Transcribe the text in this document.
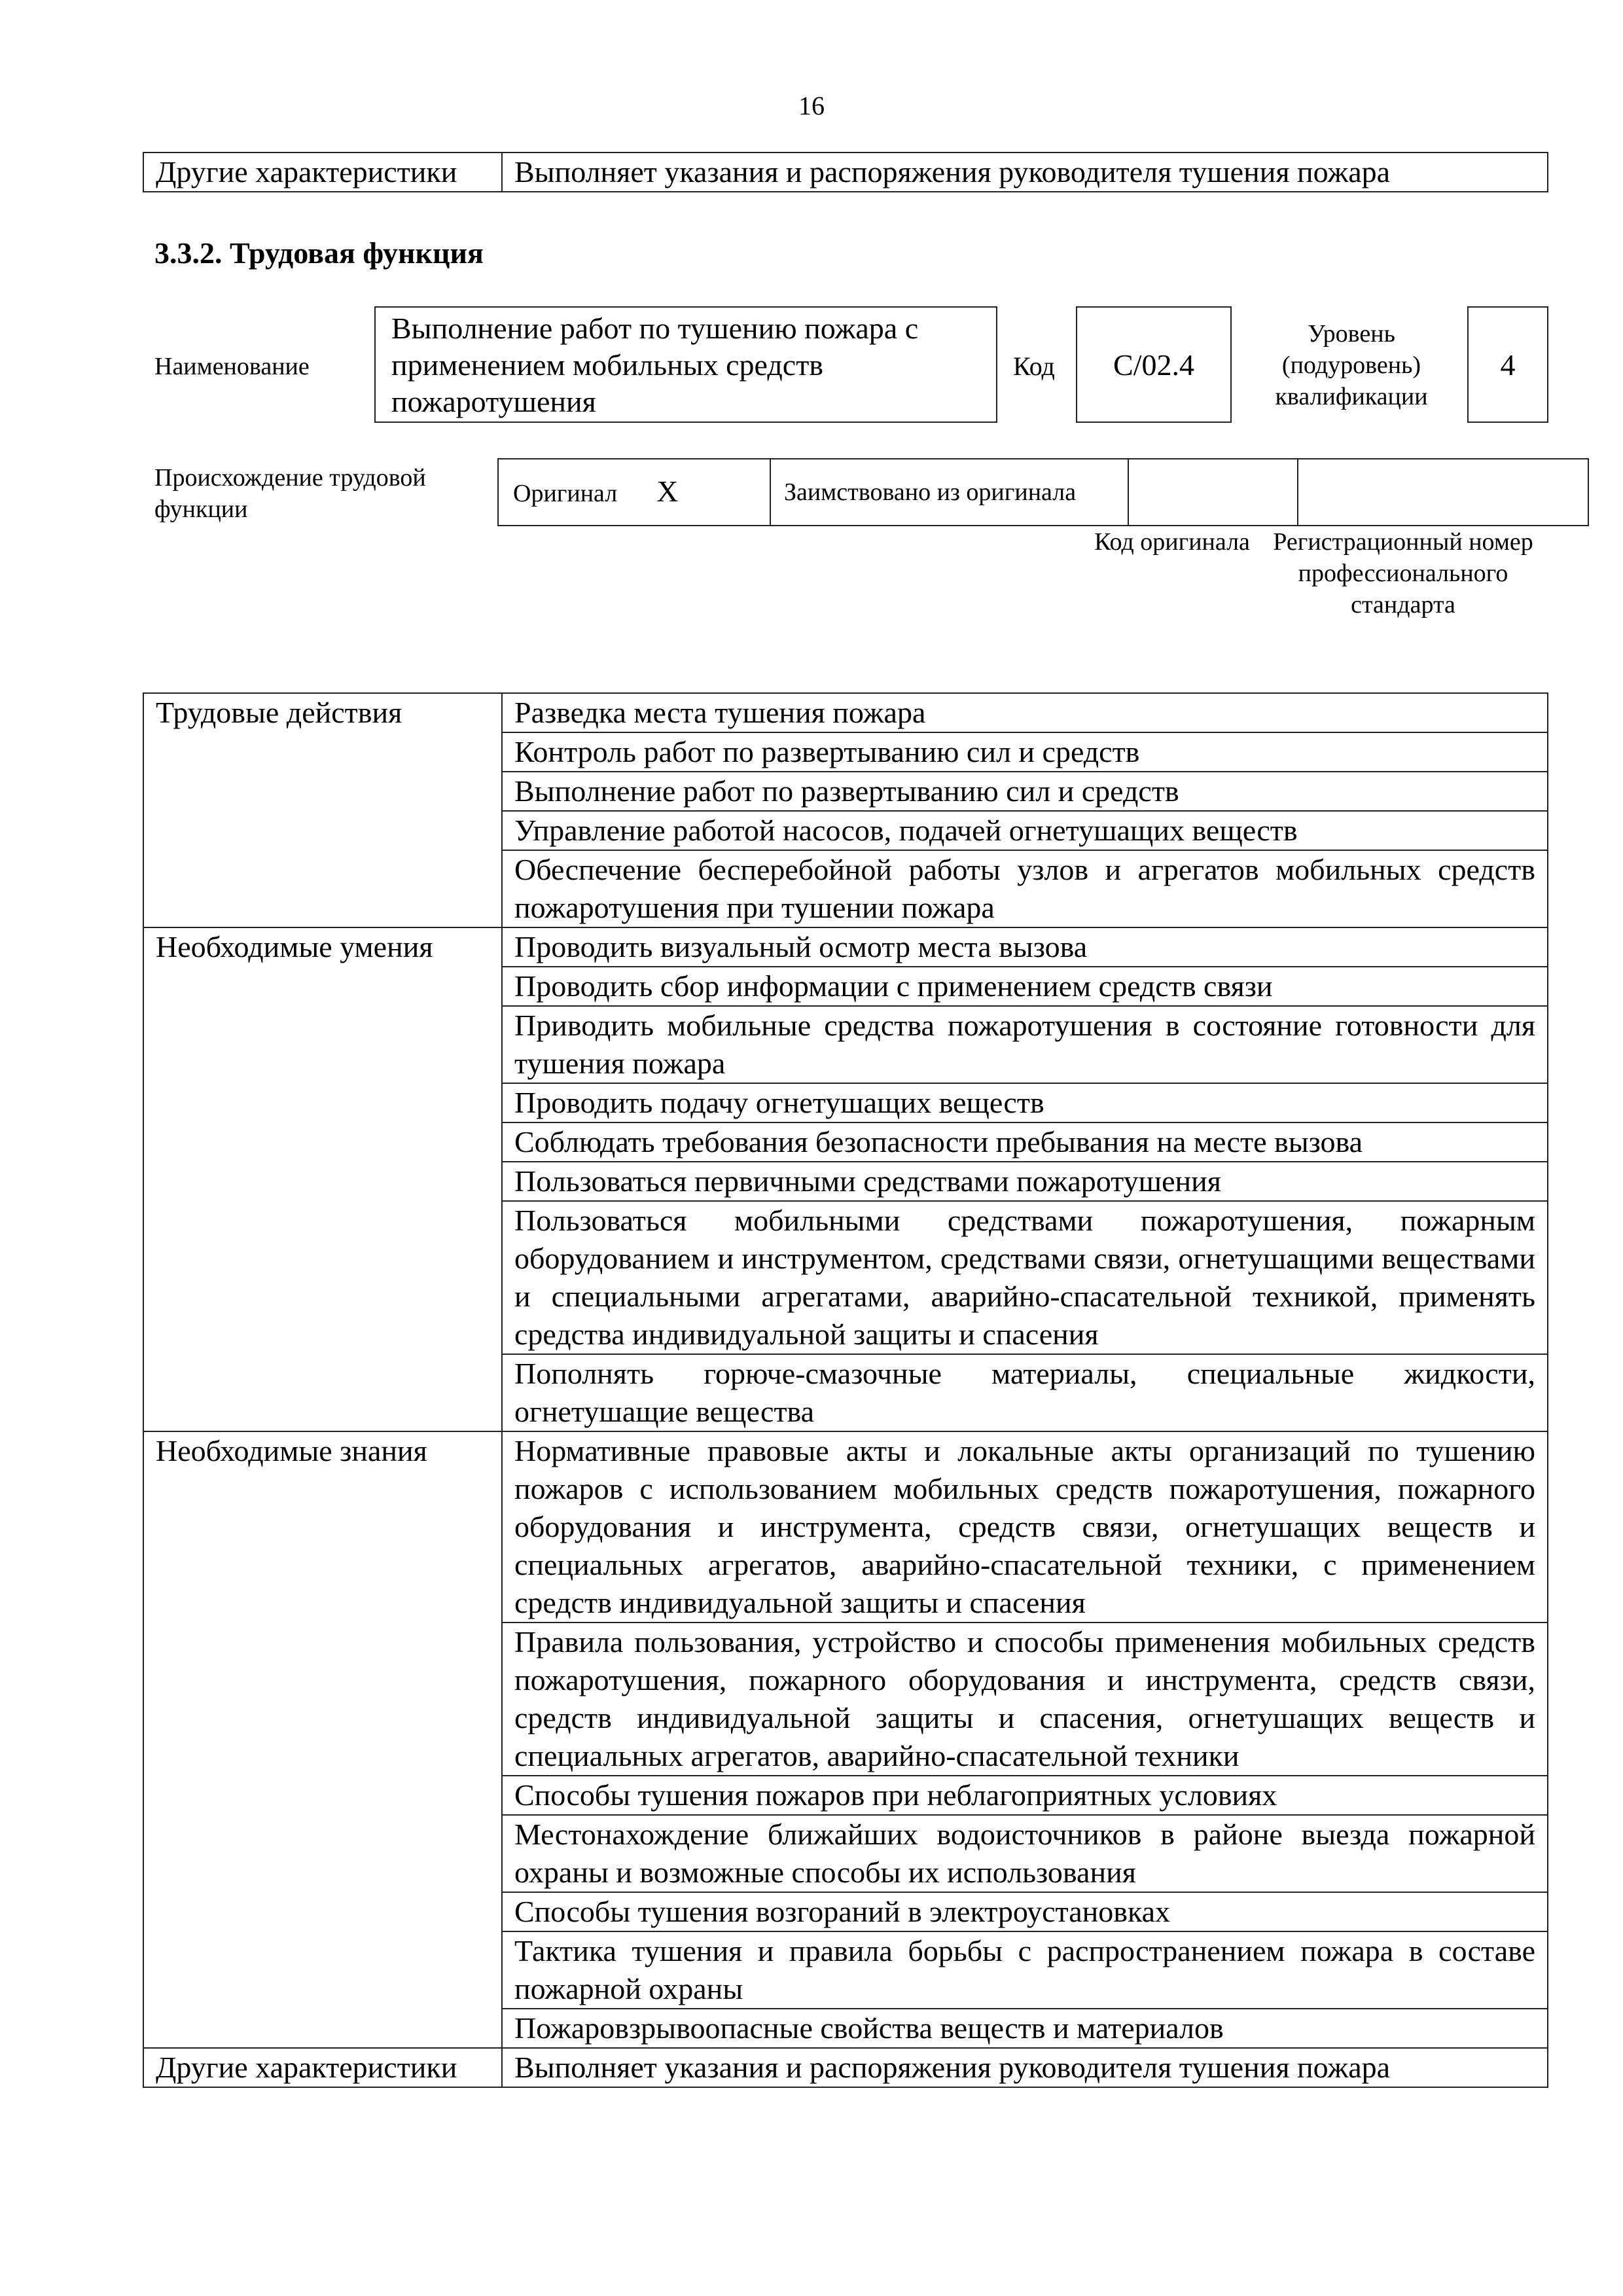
16
Другие характеристики	Выполняет указания и распоряжения руководителя тушения пожара
3.3.2. Трудовая функция
Наименование
Выполнение работ по тушению пожара с применением мобильных средств пожаротушения
Код C/02.4
Уровень
(подуровень)
квалификации
4
Происхождение трудовой функции
Оригинал X	Заимствовано из оригинала		
Код оригинала Регистрационный номер профессионального стандарта
Трудовые действия	Разведка места тушения пожара
	Контроль работ по развертыванию сил и средств
	Выполнение работ по развертыванию сил и средств
	Управление работой насосов, подачей огнетушащих веществ
	Обеспечение бесперебойной работы узлов и агрегатов мобильных средств пожаротушения при тушении пожара
Необходимые умения	Проводить визуальный осмотр места вызова
	Проводить сбор информации с применением средств связи
	Приводить мобильные средства пожаротушения в состояние готовности для тушения пожара
	Проводить подачу огнетушащих веществ
	Соблюдать требования безопасности пребывания на месте вызова
	Пользоваться первичными средствами пожаротушения
	Пользоваться мобильными средствами пожаротушения, пожарным оборудованием и инструментом, средствами связи, огнетушащими веществами и специальными агрегатами, аварийно-спасательной техникой, применять средства индивидуальной защиты и спасения
	Пополнять горюче-смазочные материалы, специальные жидкости, огнетушащие вещества
Необходимые знания	Нормативные правовые акты и локальные акты организаций по тушению пожаров с использованием мобильных средств пожаротушения, пожарного оборудования и инструмента, средств связи, огнетушащих веществ и специальных агрегатов, аварийно-спасательной техники, с применением средств индивидуальной защиты и спасения
	Правила пользования, устройство и способы применения мобильных средств пожаротушения, пожарного оборудования и инструмента, средств связи, средств индивидуальной защиты и спасения, огнетушащих веществ и специальных агрегатов, аварийно-спасательной техники
	Способы тушения пожаров при неблагоприятных условиях
	Местонахождение ближайших водоисточников в районе выезда пожарной охраны и возможные способы их использования
	Способы тушения возгораний в электроустановках
	Тактика тушения и правила борьбы с распространением пожара в составе пожарной охраны
	Пожаровзрывоопасные свойства веществ и материалов
Другие характеристики	Выполняет указания и распоряжения руководителя тушения пожара
